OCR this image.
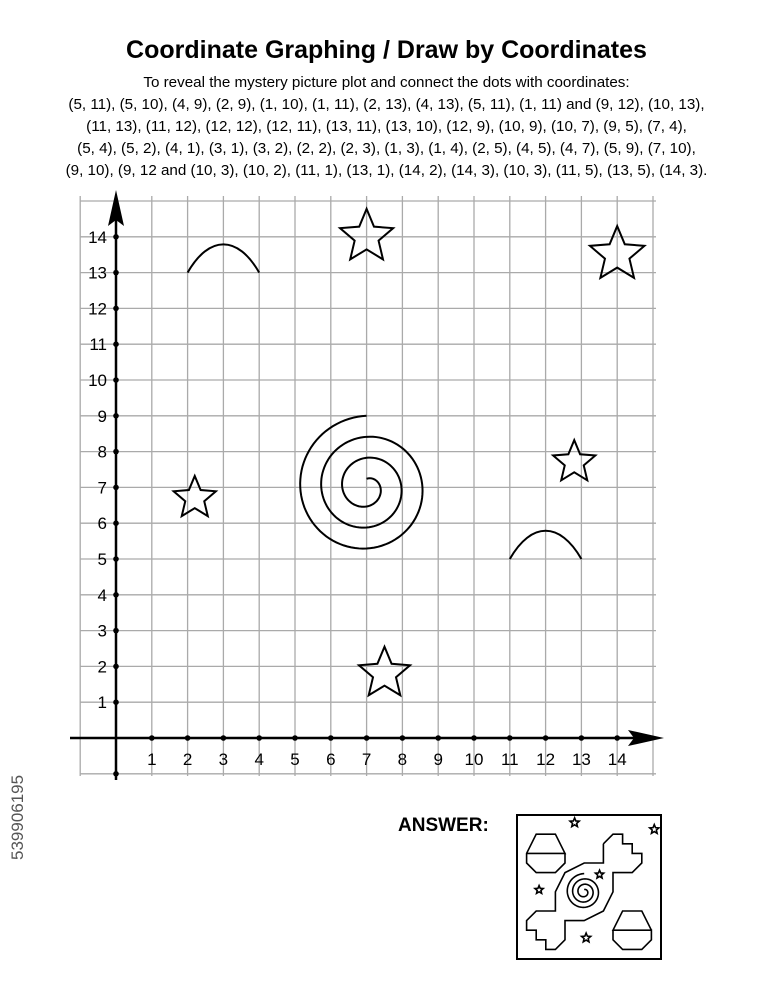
Coordinate Graphing / Draw by Coordinates
To reveal the mystery picture plot and connect the dots with coordinates:
(5, 11), (5, 10), (4, 9), (2, 9), (1, 10), (1, 11), (2, 13), (4, 13), (5, 11), (1, 11) and (9, 12), (10, 13),
(11, 13), (11, 12), (12, 12), (12, 11), (13, 11), (13, 10), (12, 9), (10, 9), (10, 7), (9, 5), (7, 4),
(5, 4), (5, 2), (4, 1), (3, 1), (3, 2), (2, 2), (2, 3), (1, 3), (1, 4), (2, 5), (4, 5), (4, 7), (5, 9), (7, 10),
(9, 10), (9, 12 and (10, 3), (10, 2), (11, 1), (13, 1), (14, 2), (14, 3), (10, 3), (11, 5), (13, 5), (14, 3).
1 2 3 4 5 6 7 8 9 10 11 12 13 14
1
2
3
4
5
6
7
8
9
10
11
12
13
14
ANSWER:
539906195
